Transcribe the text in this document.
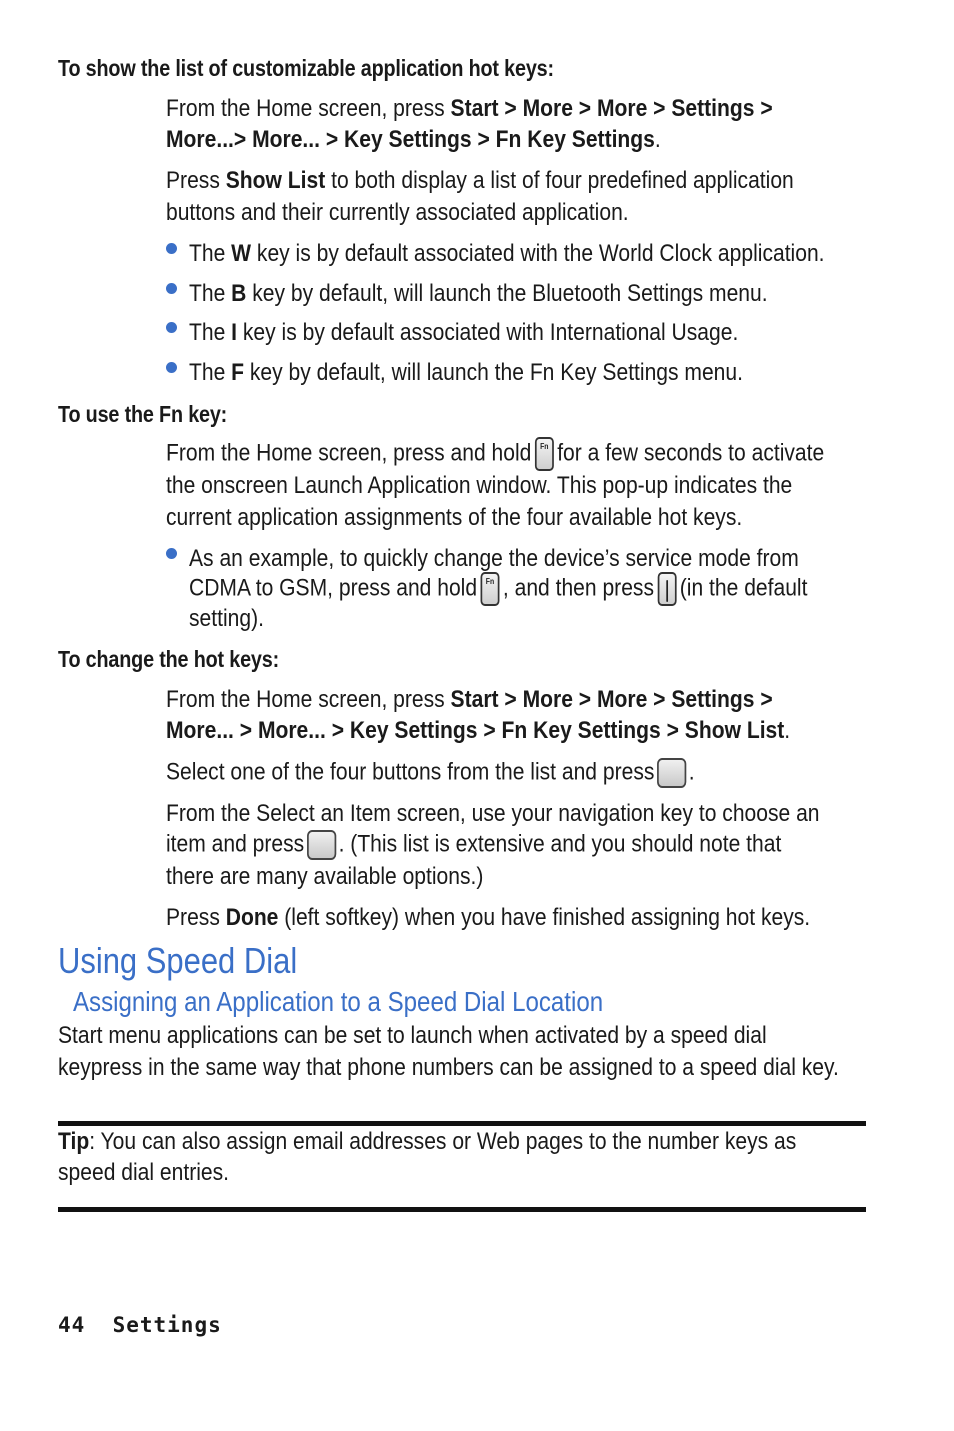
To show the list of customizable application hot keys:
From the Home screen, press Start > More > More > Settings >
More...> More... > Key Settings > Fn Key Settings.
Press Show List to both display a list of four predefined application
buttons and their currently associated application.
The W key is by default associated with the World Clock application.
The B key by default, will launch the Bluetooth Settings menu.
The I key is by default associated with International Usage.
The F key by default, will launch the Fn Key Settings menu.
To use the Fn key:
From the Home screen, press and hold	Fn for a few seconds to activate
the onscreen Launch Application window. This pop-up indicates the
current application assignments of the four available hot keys.
As an example, to quickly change the device’s service mode from
CDMA to GSM, press and hold	Fn , and then press (in the default
setting).
To change the hot keys:
From the Home screen, press Start > More > More > Settings >
More... > More... > Key Settings > Fn Key Settings > Show List.
Select one of the four buttons from the list and press .
From the Select an Item screen, use your navigation key to choose an
item and press . (This list is extensive and you should note that
there are many available options.)
Press Done (left softkey) when you have finished assigning hot keys.
Using Speed Dial
Assigning an Application to a Speed Dial Location
Start menu applications can be set to launch when activated by a speed dial
keypress in the same way that phone numbers can be assigned to a speed dial key.
Tip: You can also assign email addresses or Web pages to the number keys as
speed dial entries.
44 Settings
